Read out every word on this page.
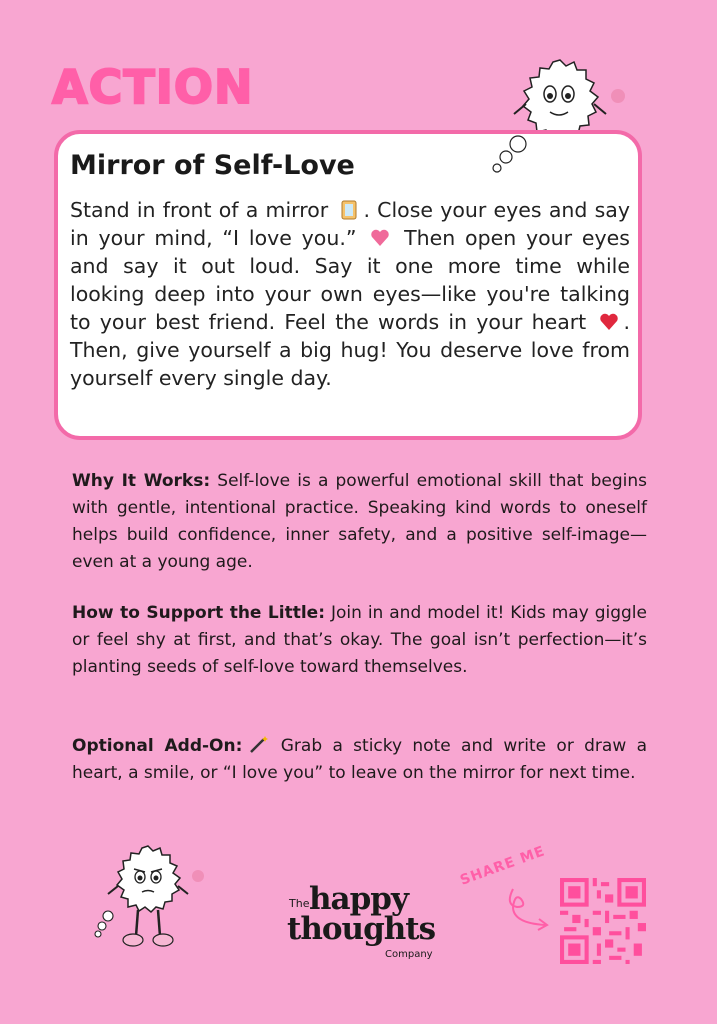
ACTION
Mirror of Self-Love
Stand in front of a mirror . Close your eyes and say in your mind, “I love you.” Then open your eyes and say it out loud. Say it one more time while looking deep into your own eyes—like you're talking to your best friend. Feel the words in your heart . Then, give yourself a big hug! You deserve love from yourself every single day.
Why It Works: Self-love is a powerful emotional skill that begins with gentle, intentional practice. Speaking kind words to oneself helps build confidence, inner safety, and a positive self-image—even at a young age.
How to Support the Little: Join in and model it! Kids may giggle or feel shy at first, and that’s okay. The goal isn’t perfection—it’s planting seeds of self-love toward themselves.
Optional Add-On: Grab a sticky note and write or draw a heart, a smile, or “I love you” to leave on the mirror for next time.
The happy
thoughts
Company
SHARE ME
